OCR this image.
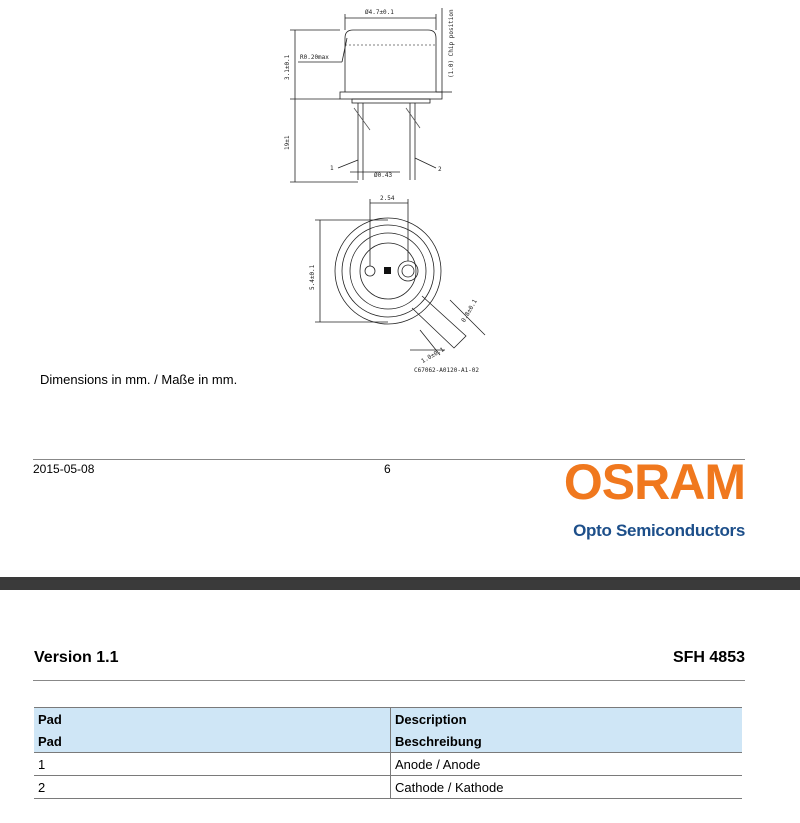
Ø4.7±0.1
R0.20max
3.1±0.1	(1.0) Chip position
19±1
Ø0.43
1	2
2.54
5.4±0.1
0.8±0.1
1.0±0.1
C67062-A0120-A1-02
Dimensions in mm. / Maße in mm.
2015-05-08	6	OSRAM
Opto Semiconductors
Version 1.1	SFH 4853
Pad	Description
Pad	Beschreibung
1	Anode / Anode
2	Cathode / Kathode
